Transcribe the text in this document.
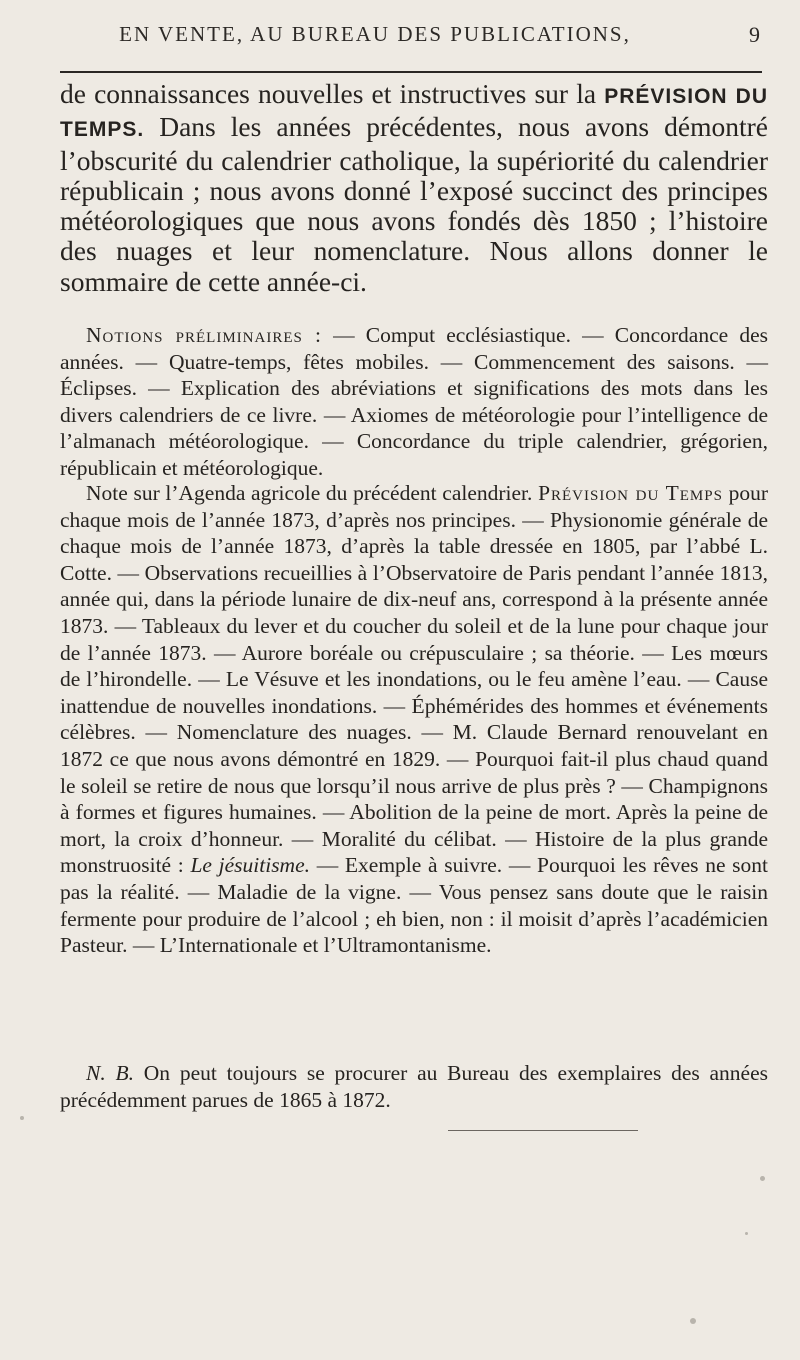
EN VENTE, AU BUREAU DES PUBLICATIONS,	9

de connaissances nouvelles et instructives sur la PRÉVISION DU TEMPS. Dans les années précédentes, nous avons démontré l’obscurité du calendrier catholique, la supériorité du calendrier républicain ; nous avons donné l’exposé succinct des principes météorologiques que nous avons fondés dès 1850 ; l’histoire des nuages et leur nomenclature. Nous allons donner le sommaire de cette année-ci.

Notions préliminaires : — Comput ecclésiastique. — Concordance des années. — Quatre-temps, fêtes mobiles. — Commencement des saisons. — Éclipses. — Explication des abréviations et significations des mots dans les divers calendriers de ce livre. — Axiomes de météorologie pour l’intelligence de l’almanach météorologique. — Concordance du triple calendrier, grégorien, républicain et météorologique.

Note sur l’Agenda agricole du précédent calendrier. Prévision du Temps pour chaque mois de l’année 1873, d’après nos principes. — Physionomie générale de chaque mois de l’année 1873, d’après la table dressée en 1805, par l’abbé L. Cotte. — Observations recueillies à l’Observatoire de Paris pendant l’année 1813, année qui, dans la période lunaire de dix-neuf ans, correspond à la présente année 1873. — Tableaux du lever et du coucher du soleil et de la lune pour chaque jour de l’année 1873. — Aurore boréale ou crépusculaire ; sa théorie. — Les mœurs de l’hirondelle. — Le Vésuve et les inondations, ou le feu amène l’eau. — Cause inattendue de nouvelles inondations. — Éphémérides des hommes et événements célèbres. — Nomenclature des nuages. — M. Claude Bernard renouvelant en 1872 ce que nous avons démontré en 1829. — Pourquoi fait-il plus chaud quand le soleil se retire de nous que lorsqu’il nous arrive de plus près ? — Champignons à formes et figures humaines. — Abolition de la peine de mort. Après la peine de mort, la croix d’honneur. — Moralité du célibat. — Histoire de la plus grande monstruosité : Le jésuitisme. — Exemple à suivre. — Pourquoi les rêves ne sont pas la réalité. — Maladie de la vigne. — Vous pensez sans doute que le raisin fermente pour produire de l’alcool ; eh bien, non : il moisit d’après l’académicien Pasteur. — L’Internationale et l’Ultramontanisme.

N. B. On peut toujours se procurer au Bureau des exemplaires des années précédemment parues de 1865 à 1872.
